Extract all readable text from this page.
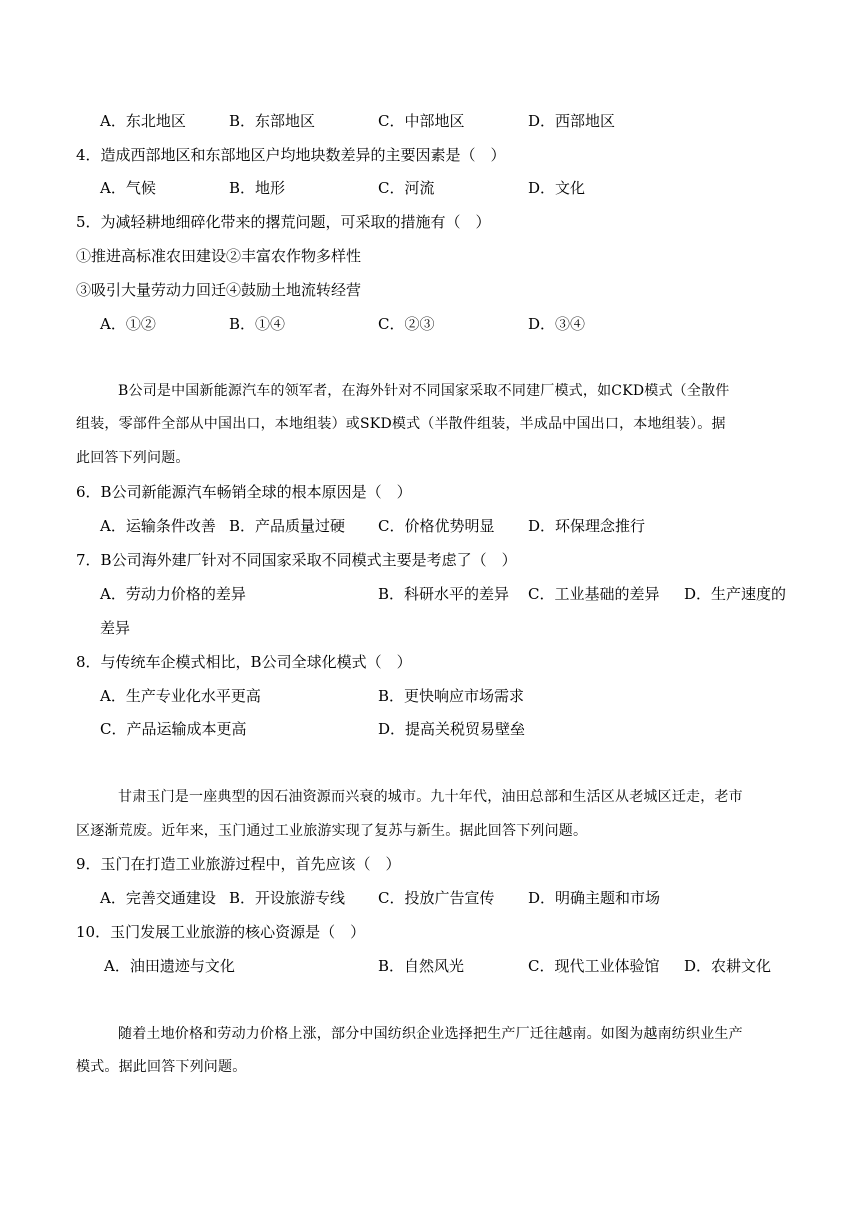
A．东北地区	B．东部地区	C．中部地区	D．西部地区
4．造成西部地区和东部地区户均地块数差异的主要因素是（　）
A．气候	B．地形	C．河流	D．文化
5．为减轻耕地细碎化带来的撂荒问题，可采取的措施有（　）
①推进高标准农田建设②丰富农作物多样性
③吸引大量劳动力回迁④鼓励土地流转经营
A．①②	B．①④	C．②③	D．③④
B公司是中国新能源汽车的领军者，在海外针对不同国家采取不同建厂模式，如CKD模式（全散件
组装，零部件全部从中国出口，本地组装）或SKD模式（半散件组装，半成品中国出口，本地组装）。据
此回答下列问题。
6．B公司新能源汽车畅销全球的根本原因是（　）
A．运输条件改善 B．产品质量过硬 C．价格优势明显 D．环保理念推行
7．B公司海外建厂针对不同国家采取不同模式主要是考虑了（　）
A．劳动力价格的差异	B．科研水平的差异 C．工业基础的差异 D．生产速度的
差异
8．与传统车企模式相比，B公司全球化模式（　）
A．生产专业化水平更高	B．更快响应市场需求
C．产品运输成本更高	D．提高关税贸易壁垒
甘肃玉门是一座典型的因石油资源而兴衰的城市。九十年代，油田总部和生活区从老城区迁走，老市
区逐渐荒废。近年来，玉门通过工业旅游实现了复苏与新生。据此回答下列问题。
9．玉门在打造工业旅游过程中，首先应该（　）
A．完善交通建设 B．开设旅游专线 C．投放广告宣传 D．明确主题和市场
10．玉门发展工业旅游的核心资源是（　）
A．油田遗迹与文化	B．自然风光	C．现代工业体验馆 D．农耕文化
随着土地价格和劳动力价格上涨，部分中国纺织企业选择把生产厂迁往越南。如图为越南纺织业生产
模式。据此回答下列问题。
